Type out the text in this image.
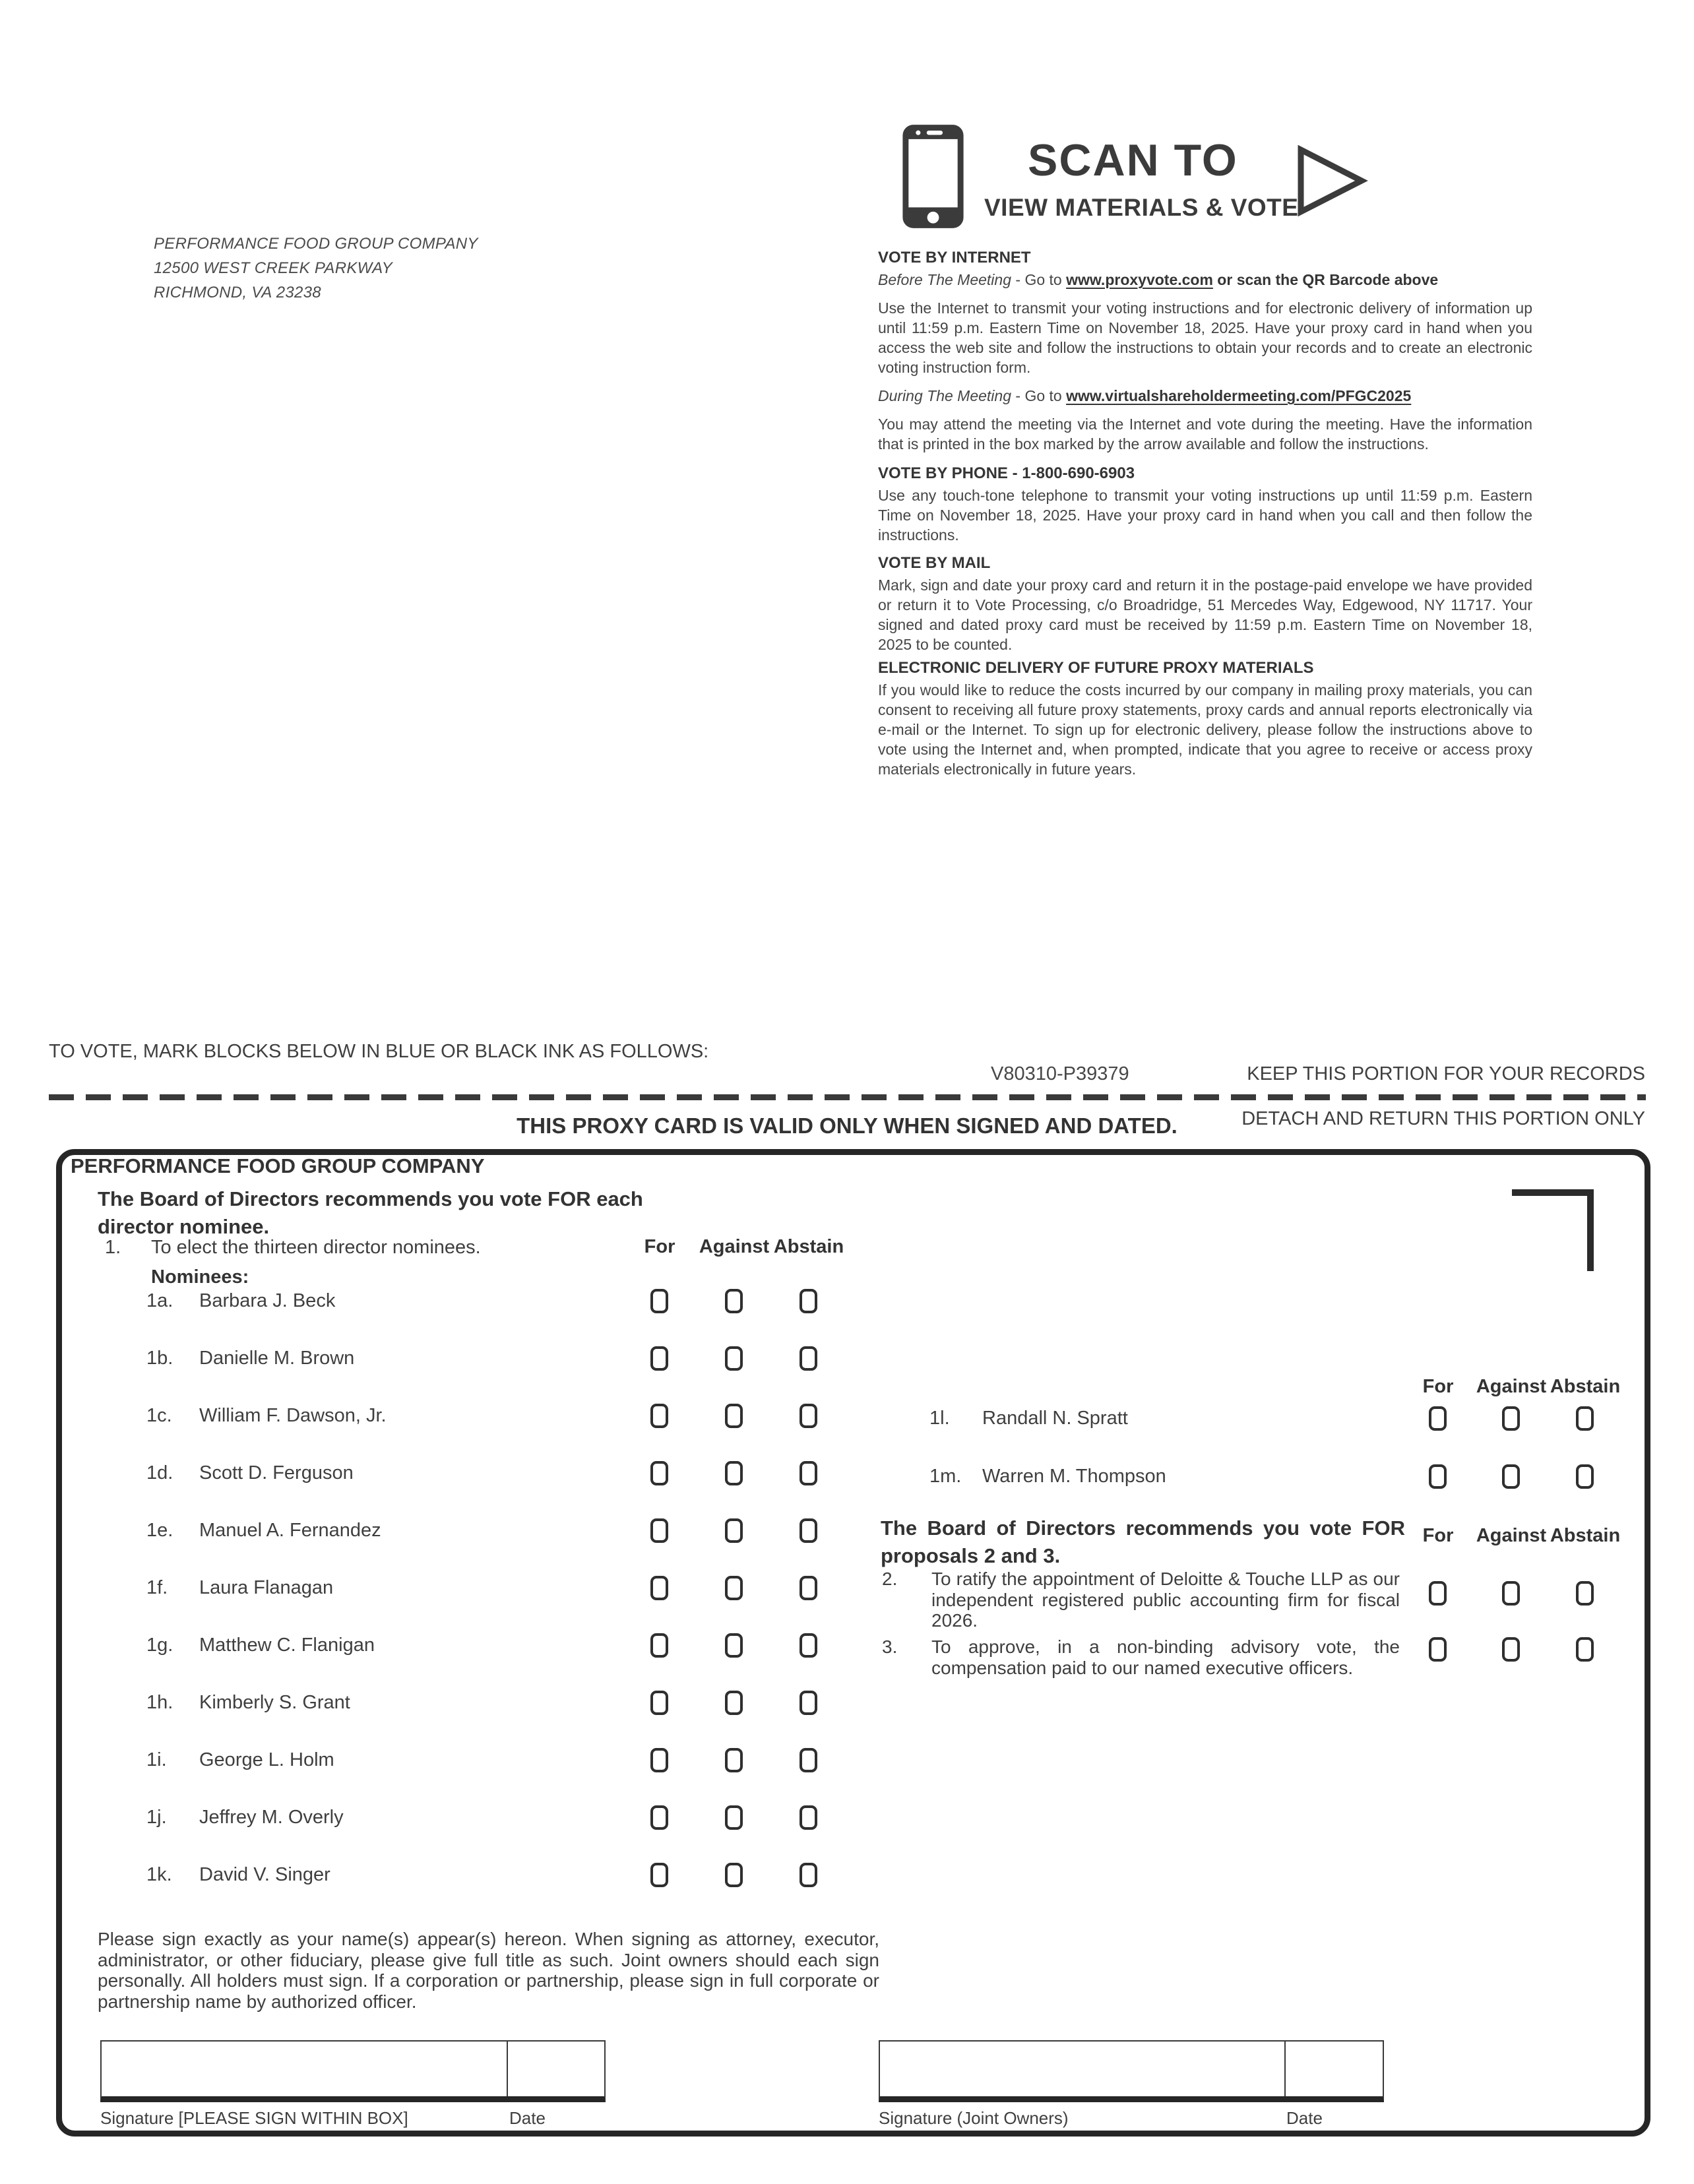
PERFORMANCE FOOD GROUP COMPANY
12500 WEST CREEK PARKWAY
RICHMOND, VA 23238
SCAN TO
VIEW MATERIALS & VOTE
VOTE BY INTERNET

Before The Meeting - Go to www.proxyvote.com or scan the QR Barcode above

Use the Internet to transmit your voting instructions and for electronic delivery of information up until 11:59 p.m. Eastern Time on November 18, 2025. Have your proxy card in hand when you access the web site and follow the instructions to obtain your records and to create an electronic voting instruction form.

During The Meeting - Go to www.virtualshareholdermeeting.com/PFGC2025

You may attend the meeting via the Internet and vote during the meeting. Have the information that is printed in the box marked by the arrow available and follow the instructions.

VOTE BY PHONE - 1-800-690-6903

Use any touch-tone telephone to transmit your voting instructions up until 11:59 p.m. Eastern Time on November 18, 2025. Have your proxy card in hand when you call and then follow the instructions.

VOTE BY MAIL

Mark, sign and date your proxy card and return it in the postage-paid envelope we have provided or return it to Vote Processing, c/o Broadridge, 51 Mercedes Way, Edgewood, NY 11717. Your signed and dated proxy card must be received by 11:59 p.m. Eastern Time on November 18, 2025 to be counted.

ELECTRONIC DELIVERY OF FUTURE PROXY MATERIALS

If you would like to reduce the costs incurred by our company in mailing proxy materials, you can consent to receiving all future proxy statements, proxy cards and annual reports electronically via e-mail or the Internet. To sign up for electronic delivery, please follow the instructions above to vote using the Internet and, when prompted, indicate that you agree to receive or access proxy materials electronically in future years.

TO VOTE, MARK BLOCKS BELOW IN BLUE OR BLACK INK AS FOLLOWS:
V80310-P39379	KEEP THIS PORTION FOR YOUR RECORDS
DETACH AND RETURN THIS PORTION ONLY
THIS PROXY CARD IS VALID ONLY WHEN SIGNED AND DATED.
PERFORMANCE FOOD GROUP COMPANY
The Board of Directors recommends you vote FOR each director nominee.
1. To elect the thirteen director nominees.	For Against Abstain
Nominees:
1a. Barbara J. Beck
1b. Danielle M. Brown
1c. William F. Dawson, Jr.
1d. Scott D. Ferguson
1e. Manuel A. Fernandez
1f. Laura Flanagan
1g. Matthew C. Flanigan
1h. Kimberly S. Grant
1i. George L. Holm
1j. Jeffrey M. Overly
1k. David V. Singer
For Against Abstain
1l. Randall N. Spratt
1m. Warren M. Thompson
The Board of Directors recommends you vote FOR proposals 2 and 3.
For Against Abstain
2. To ratify the appointment of Deloitte & Touche LLP as our independent registered public accounting firm for fiscal 2026.
3. To approve, in a non-binding advisory vote, the compensation paid to our named executive officers.
Please sign exactly as your name(s) appear(s) hereon. When signing as attorney, executor, administrator, or other fiduciary, please give full title as such. Joint owners should each sign personally. All holders must sign. If a corporation or partnership, please sign in full corporate or partnership name by authorized officer.
Signature [PLEASE SIGN WITHIN BOX]	Date	Signature (Joint Owners)	Date
